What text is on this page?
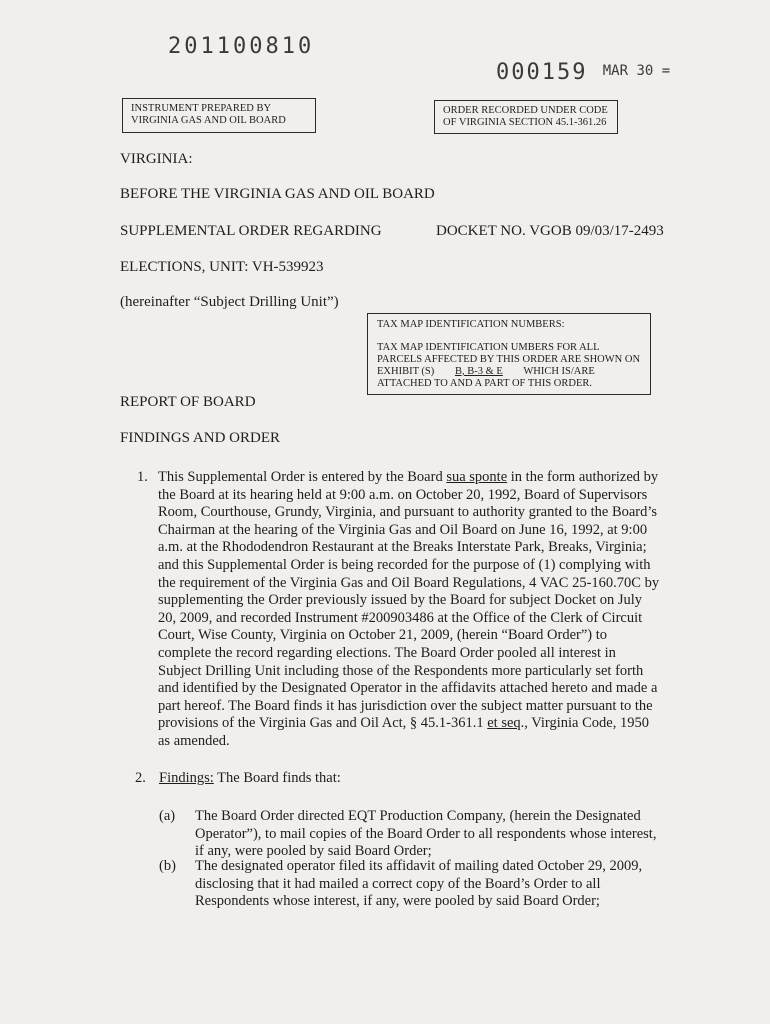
201100810
000159 MAR 30 =
INSTRUMENT PREPARED BY
VIRGINIA GAS AND OIL BOARD
ORDER RECORDED UNDER CODE
OF VIRGINIA SECTION 45.1-361.26
VIRGINIA:
BEFORE THE VIRGINIA GAS AND OIL BOARD
SUPPLEMENTAL ORDER REGARDING	DOCKET NO. VGOB 09/03/17-2493
ELECTIONS, UNIT: VH-539923
(hereinafter “Subject Drilling Unit”)
TAX MAP IDENTIFICATION NUMBERS:
TAX MAP IDENTIFICATION UMBERS FOR ALL
PARCELS AFFECTED BY THIS ORDER ARE SHOWN ON
EXHIBIT (S) B, B-3 & E WHICH IS/ARE
ATTACHED TO AND A PART OF THIS ORDER.
REPORT OF BOARD
FINDINGS AND ORDER
1. This Supplemental Order is entered by the Board sua sponte in the form authorized by
the Board at its hearing held at 9:00 a.m. on October 20, 1992, Board of Supervisors
Room, Courthouse, Grundy, Virginia, and pursuant to authority granted to the Board’s
Chairman at the hearing of the Virginia Gas and Oil Board on June 16, 1992, at 9:00
a.m. at the Rhododendron Restaurant at the Breaks Interstate Park, Breaks, Virginia;
and this Supplemental Order is being recorded for the purpose of (1) complying with
the requirement of the Virginia Gas and Oil Board Regulations, 4 VAC 25-160.70C by
supplementing the Order previously issued by the Board for subject Docket on July
20, 2009, and recorded Instrument #200903486 at the Office of the Clerk of Circuit
Court, Wise County, Virginia on October 21, 2009, (herein “Board Order”) to
complete the record regarding elections. The Board Order pooled all interest in
Subject Drilling Unit including those of the Respondents more particularly set forth
and identified by the Designated Operator in the affidavits attached hereto and made a
part hereof. The Board finds it has jurisdiction over the subject matter pursuant to the
provisions of the Virginia Gas and Oil Act, § 45.1-361.1 et seq., Virginia Code, 1950
as amended.
2. Findings: The Board finds that:
(a) The Board Order directed EQT Production Company, (herein the Designated
Operator”), to mail copies of the Board Order to all respondents whose interest,
if any, were pooled by said Board Order;
(b) The designated operator filed its affidavit of mailing dated October 29, 2009,
disclosing that it had mailed a correct copy of the Board’s Order to all
Respondents whose interest, if any, were pooled by said Board Order;
